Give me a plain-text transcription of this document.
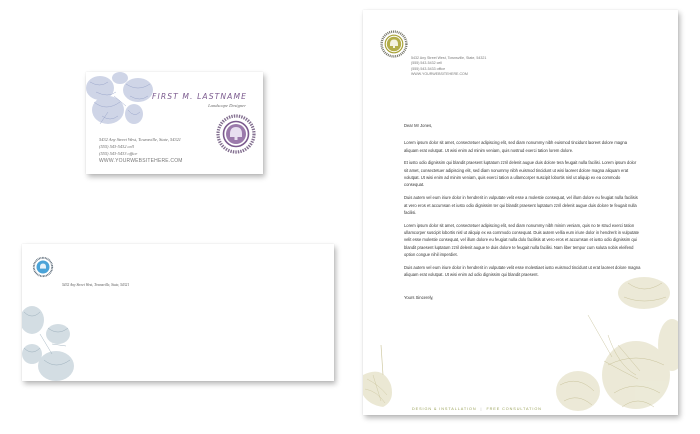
FIRST M. LASTNAME
Landscape Designer
5432 Any Street West, Townsville, State, 54321
(555) 543-5432 cell
(555) 543-5433 office
WWW.YOURWEBSITEHERE.COM
5432 Any Street West, Townsville, State, 54321
5432 Any Street West, Townsville, State, 54321
(555) 543-5432 cell
(555) 543-5433 office
WWW.YOURWEBSITEHERE.COM

Dear Mr Jones,

Lorem ipsum dolor sit amet, consectetuer adipiscing elit, sed diam nonummy nibh euismod tincidunt laoreet dolore magna aliquam erat volutpat. Ut wisi enim ad minim veniam, quis nostrud exerci tation lorem dolore.

Et iusto odio dignissim qui blandit praesent luptatum zzril delenit augue duis dolore tera feugait nulla facilisi. Lorem ipsum dolor sit amet, consectetuer adipiscing elit, sed diam nonummy nibh euismod tincidunt ut wisi laoreet dolore magna aliquam erat volutpat. Ut wisi enim ad minim veniam, quis exerci tation a ullamcorper suscipit lobortis nisl ut aliquip ex ea commodo consequat.

Duis autem vel eum iriure dolor in hendrerit in vulputate velit esse a molestie consequat, vel illum dolore eu feugiat nulla facilisis at vero eros et accumsan et iusto odio dignissim ter qui blandit praesent luptatum zzril delenit augue duis dolore te feugait nulla facilisi.

Lorem ipsum dolor sit amet, consectetuer adipiscing elit, sed diam nonummy nibh minim veniam, quis no te strud exerci tation ullamcorper suscipit lobortis nisl ut aliquip ex ea commodo consequat. Duis autem vellia eum iriure dolor in hendrerit in vulputate velit esse molestie consequat, vel illum dolore eu feugiat nulla dolo facilisis at vero eros et accumsan et iusto odio dignissim qui blandit praesent luptatum zzril delenit augue te duis dolore te feugait nulla facilisi. Nam liber tempor cum soluta nobis eleifend option congue nihil imperdiet.

Duis autem vel eum iriure dolor in hendrerit in vulputate velit esse molestiaet iusto euismod tincidunt ut erat laoreet dolore magna aliquam erat volutpat. Ut wisi enim ad odio dignissim qui blandit praesent.

Yours Sincerely,

DESIGN & INSTALLATION | FREE CONSULTATION
